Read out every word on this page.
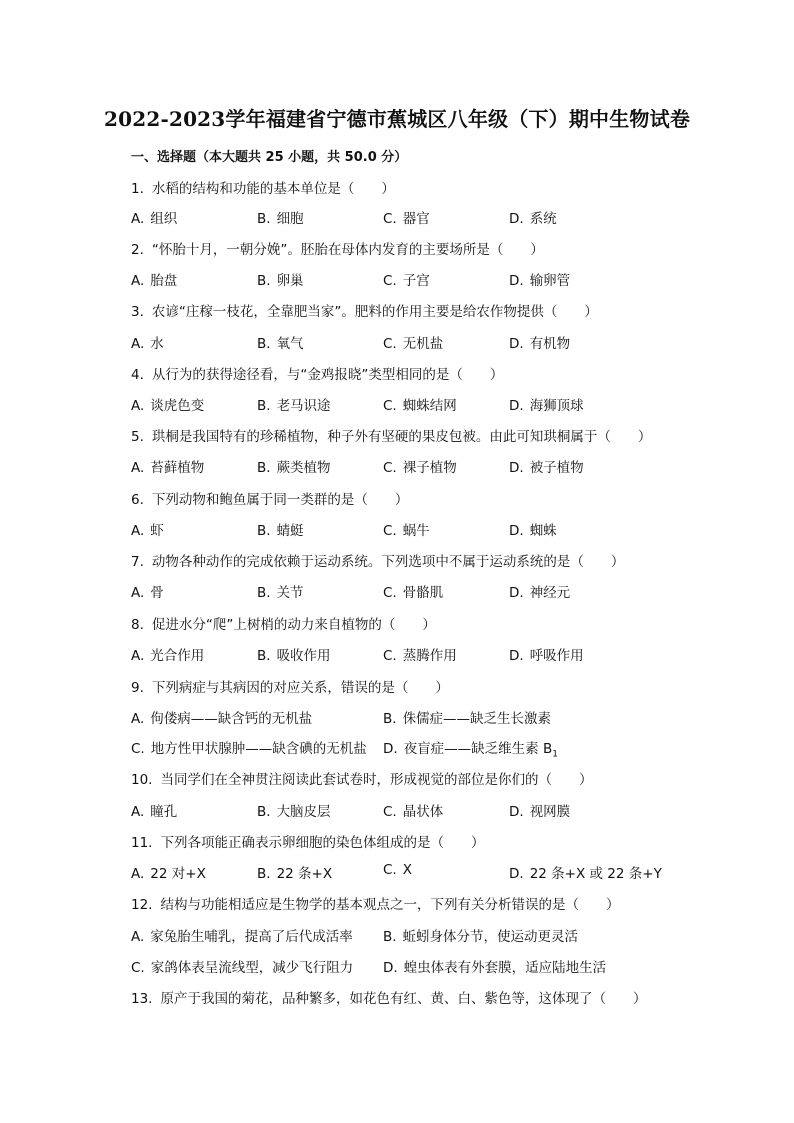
2022-2023学年福建省宁德市蕉城区八年级（下）期中生物试卷
一、选择题（本大题共 25 小题，共 50.0 分）
1. 水稻的结构和功能的基本单位是（　　）
A. 组织	B. 细胞	C. 器官	D. 系统
2. “怀胎十月，一朝分娩”。胚胎在母体内发育的主要场所是（　　）
A. 胎盘	B. 卵巢	C. 子宫	D. 输卵管
3. 农谚“庄稼一枝花，全靠肥当家”。肥料的作用主要是给农作物提供（　　）
A. 水	B. 氧气	C. 无机盐	D. 有机物
4. 从行为的获得途径看，与“金鸡报晓”类型相同的是（　　）
A. 谈虎色变	B. 老马识途	C. 蜘蛛结网	D. 海狮顶球
5. 珙桐是我国特有的珍稀植物，种子外有坚硬的果皮包被。由此可知珙桐属于（　　）
A. 苔藓植物	B. 蕨类植物	C. 裸子植物	D. 被子植物
6. 下列动物和鲍鱼属于同一类群的是（　　）
A. 虾	B. 蜻蜓	C. 蜗牛	D. 蜘蛛
7. 动物各种动作的完成依赖于运动系统。下列选项中不属于运动系统的是（　　）
A. 骨	B. 关节	C. 骨骼肌	D. 神经元
8. 促进水分“爬”上树梢的动力来自植物的（　　）
A. 光合作用	B. 吸收作用	C. 蒸腾作用	D. 呼吸作用
9. 下列病症与其病因的对应关系，错误的是（　　）
A. 佝偻病——缺含钙的无机盐	B. 侏儒症——缺乏生长激素
C. 地方性甲状腺肿——缺含碘的无机盐 D. 夜盲症——缺乏维生素 $B_1$
10. 当同学们在全神贯注阅读此套试卷时，形成视觉的部位是你们的（　　）
A. 瞳孔	B. 大脑皮层	C. 晶状体	D. 视网膜
11. 下列各项能正确表示卵细胞的染色体组成的是（　　）
A. 22 对+X	B. 22 条+X	C. X	D. 22 条+X 或 22 条+Y
12. 结构与功能相适应是生物学的基本观点之一，下列有关分析错误的是（　　）
A. 家兔胎生哺乳，提高了后代成活率 B. 蚯蚓身体分节，使运动更灵活
C. 家鸽体表呈流线型，减少飞行阻力 D. 蝗虫体表有外套膜，适应陆地生活
13. 原产于我国的菊花，品种繁多，如花色有红、黄、白、紫色等，这体现了（　　）
